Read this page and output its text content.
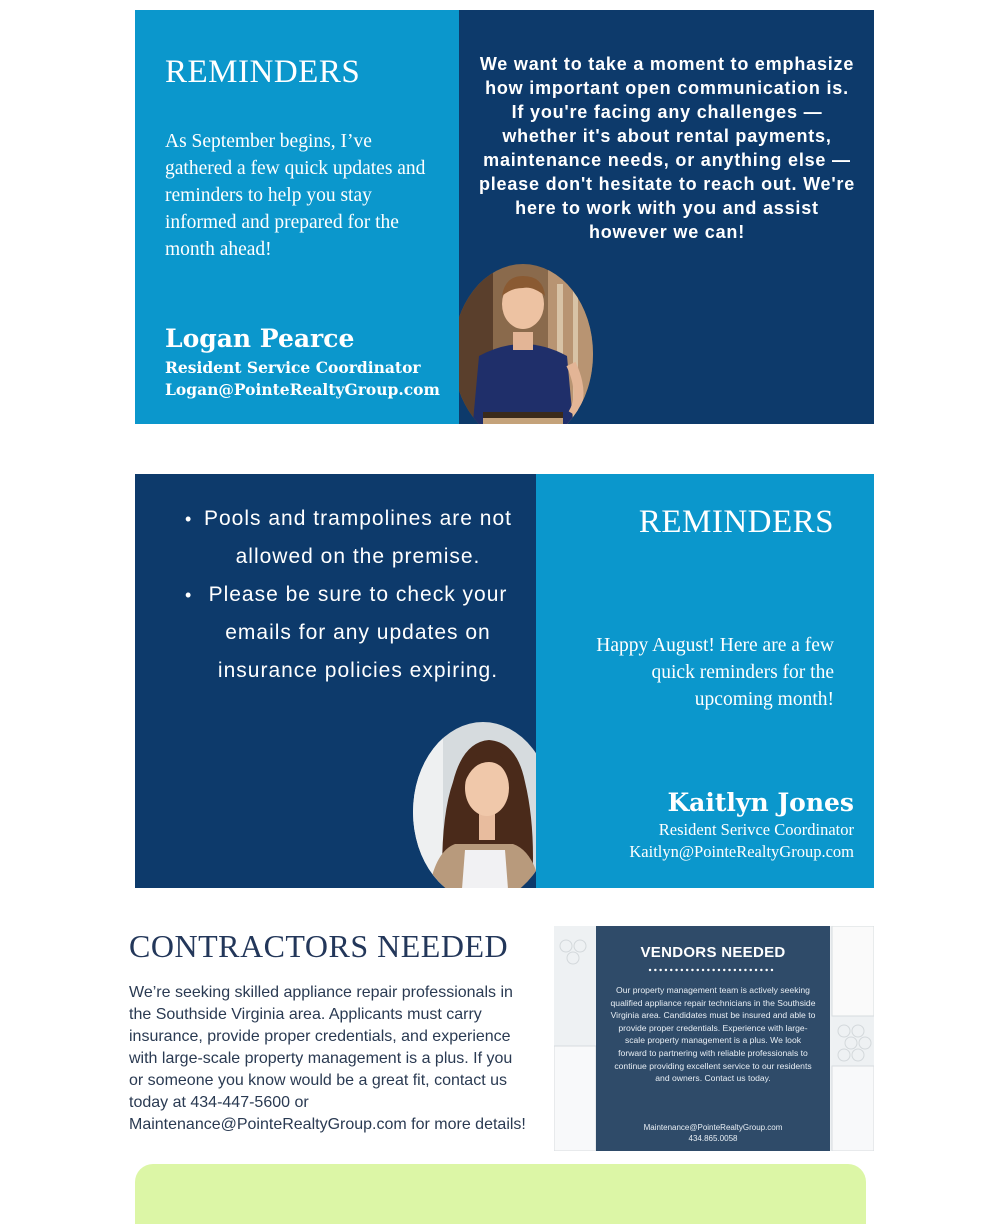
REMINDERS
As September begins, I’ve gathered a few quick updates and reminders to help you stay informed and prepared for the month ahead!
Logan Pearce
Resident Service Coordinator
Logan@PointeRealtyGroup.com
We want to take a moment to emphasize how important open communication is. If you're facing any challenges — whether it's about rental payments, maintenance needs, or anything else — please don't hesitate to reach out. We're here to work with you and assist however we can!
• Pools and trampolines are not allowed on the premise.
• Please be sure to check your emails for any updates on insurance policies expiring.
REMINDERS
Happy August! Here are a few quick reminders for the upcoming month!
Kaitlyn Jones
Resident Serivce Coordinator
Kaitlyn@PointeRealtyGroup.com
CONTRACTORS NEEDED
We’re seeking skilled appliance repair professionals in the Southside Virginia area. Applicants must carry insurance, provide proper credentials, and experience with large-scale property management is a plus. If you or someone you know would be a great fit, contact us today at 434-447-5600 or Maintenance@PointeRealtyGroup.com for more details!
VENDORS NEEDED
Our property management team is actively seeking qualified appliance repair technicians in the Southside Virginia area. Candidates must be insured and able to provide proper credentials. Experience with large-scale property management is a plus. We look forward to partnering with reliable professionals to continue providing excellent service to our residents and owners. Contact us today.
Maintenance@PointeRealtyGroup.com
434.865.0058
